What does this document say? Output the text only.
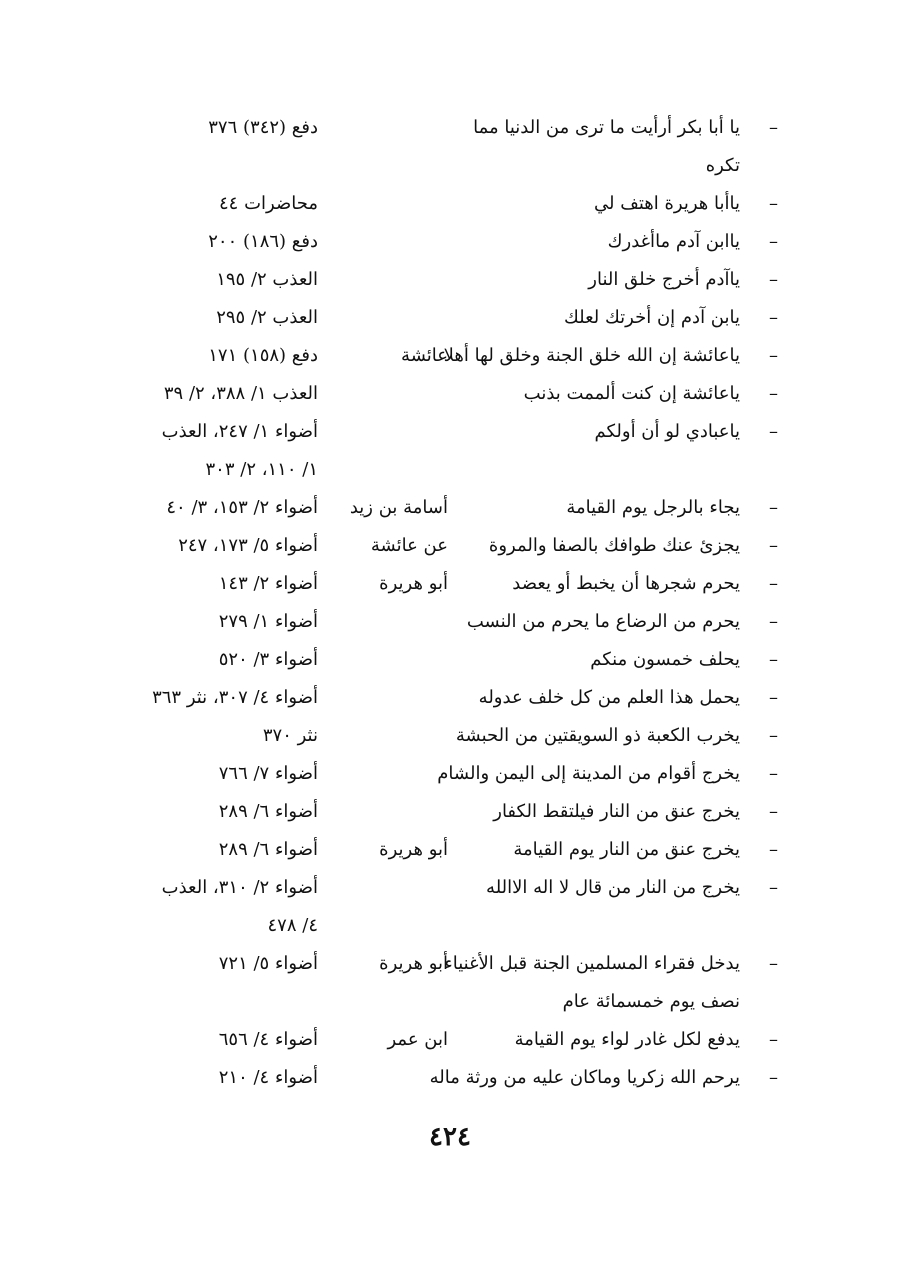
–
يا أبا بكر أرأيت ما ترى من الدنيا مما
دفع (٣٤٢) ٣٧٦
تكره
–
ياأبا هريرة اهتف لي
محاضرات ٤٤
–
ياابن آدم ماأغدرك
دفع (١٨٦) ٢٠٠
–
ياآدم أخرج خلق النار
العذب ٢/ ١٩٥
–
يابن آدم إن أخرتك لعلك
العذب ٢/ ٢٩٥
–
ياعائشة إن الله خلق الجنة وخلق لها أهلا
عائشة
دفع (١٥٨) ١٧١
–
ياعائشة إن كنت ألممت بذنب
العذب ١/ ٣٨٨، ٢/ ٣٩
–
ياعبادي لو أن أولكم
أضواء ١/ ٢٤٧، العذب
١/ ١١٠، ٢/ ٣٠٣
–
يجاء بالرجل يوم القيامة
أسامة بن زيد
أضواء ٢/ ١٥٣، ٣/ ٤٠
–
يجزئ عنك طوافك بالصفا والمروة
عن عائشة
أضواء ٥/ ١٧٣، ٢٤٧
–
يحرم شجرها أن يخبط أو يعضد
أبو هريرة
أضواء ٢/ ١٤٣
–
يحرم من الرضاع ما يحرم من النسب
أضواء ١/ ٢٧٩
–
يحلف خمسون منكم
أضواء ٣/ ٥٢٠
–
يحمل هذا العلم من كل خلف عدوله
أضواء ٤/ ٣٠٧، نثر ٣٦٣
–
يخرب الكعبة ذو السويقتين من الحبشة
نثر ٣٧٠
–
يخرج أقوام من المدينة إلى اليمن والشام
أضواء ٧/ ٧٦٦
–
يخرج عنق من النار فيلتقط الكفار
أضواء ٦/ ٢٨٩
–
يخرج عنق من النار يوم القيامة
أبو هريرة
أضواء ٦/ ٢٨٩
–
يخرج من النار من قال لا اله الاالله
أضواء ٢/ ٣١٠، العذب
٤/ ٤٧٨
–
يدخل فقراء المسلمين الجنة قبل الأغنياء
أبو هريرة
أضواء ٥/ ٧٢١
نصف يوم خمسمائة عام
–
يدفع لكل غادر لواء يوم القيامة
ابن عمر
أضواء ٤/ ٦٥٦
–
يرحم الله زكريا وماكان عليه من ورثة ماله
أضواء ٤/ ٢١٠
٤٢٤
